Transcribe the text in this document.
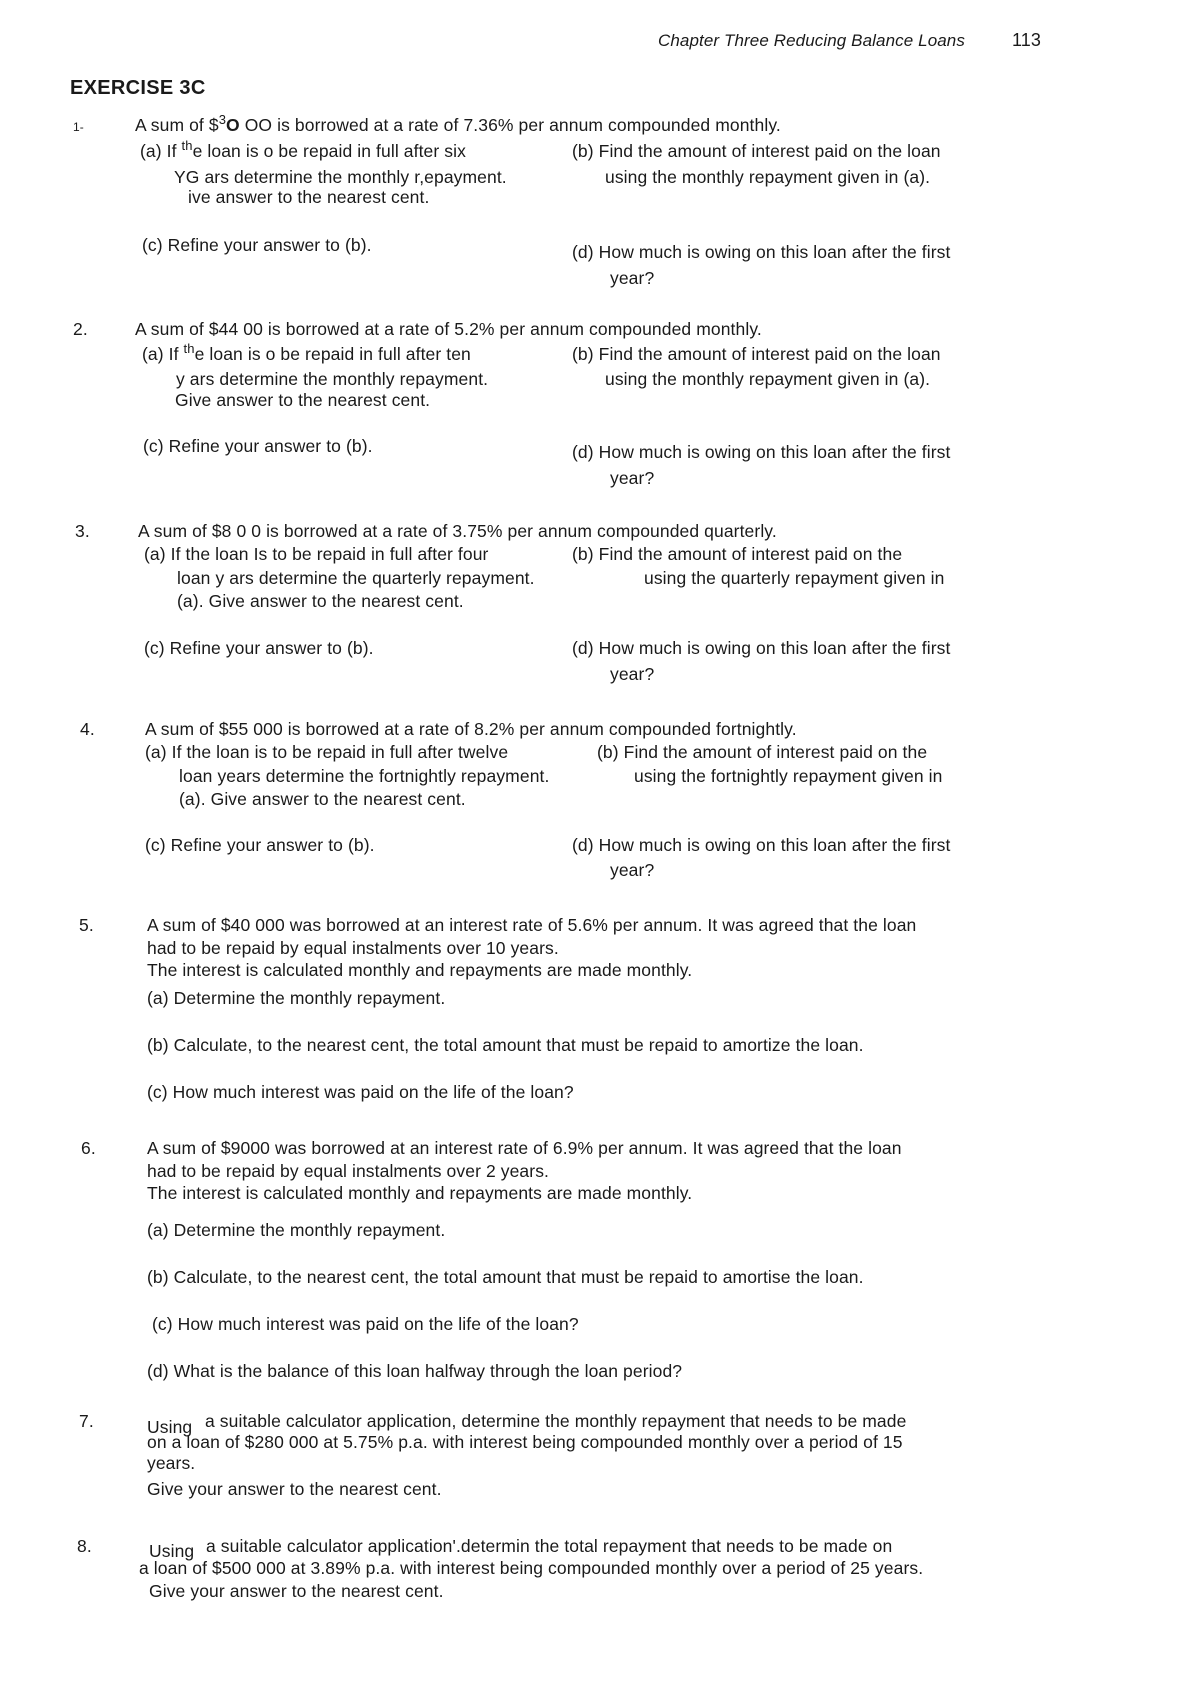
Chapter Three Reducing Balance Loans	113
EXERCISE 3C
1-	A sum of \$$^3$O OO is borrowed at a rate of 7.36% per annum compounded monthly.
(a) If $^{th}$e loan is o be repaid in full after six
YG ars determine the monthly r,epayment.
ive answer to the nearest cent.
(b) Find the amount of interest paid on the loan
using the monthly repayment given in (a).
(c) Refine your answer to (b).	(d) How much is owing on this loan after the first
year?
2.	A sum of $44 00 is borrowed at a rate of 5.2% per annum compounded monthly.
(a) If $^{th}$e loan is o be repaid in full after ten
y ars determine the monthly repayment.
Give answer to the nearest cent.
(b) Find the amount of interest paid on the loan
using the monthly repayment given in (a).
(c) Refine your answer to (b).	(d) How much is owing on this loan after the first
year?
3.	A sum of $8 0 0 is borrowed at a rate of 3.75% per annum compounded quarterly.
(a) If the loan Is to be repaid in full after four
loan y ars determine the quarterly repayment.
(a). Give answer to the nearest cent.
(b) Find the amount of interest paid on the
using the quarterly repayment given in
(c) Refine your answer to (b).	(d) How much is owing on this loan after the first
year?
4.	A sum of $55 000 is borrowed at a rate of 8.2% per annum compounded fortnightly.
(a) If the loan is to be repaid in full after twelve
loan years determine the fortnightly repayment.
(a). Give answer to the nearest cent.
(b) Find the amount of interest paid on the
using the fortnightly repayment given in
(c) Refine your answer to (b).	(d) How much is owing on this loan after the first
year?
5.	A sum of $40 000 was borrowed at an interest rate of 5.6% per annum. It was agreed that the loan
had to be repaid by equal instalments over 10 years.
The interest is calculated monthly and repayments are made monthly.
(a) Determine the monthly repayment.
(b) Calculate, to the nearest cent, the total amount that must be repaid to amortize the loan.
(c) How much interest was paid on the life of the loan?
6.	A sum of $9000 was borrowed at an interest rate of 6.9% per annum. It was agreed that the loan
had to be repaid by equal instalments over 2 years.
The interest is calculated monthly and repayments are made monthly.
(a) Determine the monthly repayment.
(b) Calculate, to the nearest cent, the total amount that must be repaid to amortise the loan.
(c) How much interest was paid on the life of the loan?
(d) What is the balance of this loan halfway through the loan period?
7.	Using a suitable calculator application, determine the monthly repayment that needs to be made
on a loan of $280 000 at 5.75% p.a. with interest being compounded monthly over a period of 15
years.
Give your answer to the nearest cent.
8.	Using a suitable calculator application'.determin the total repayment that needs to be made on
a loan of $500 000 at 3.89% p.a. with interest being compounded monthly over a period of 25 years.
Give your answer to the nearest cent.
